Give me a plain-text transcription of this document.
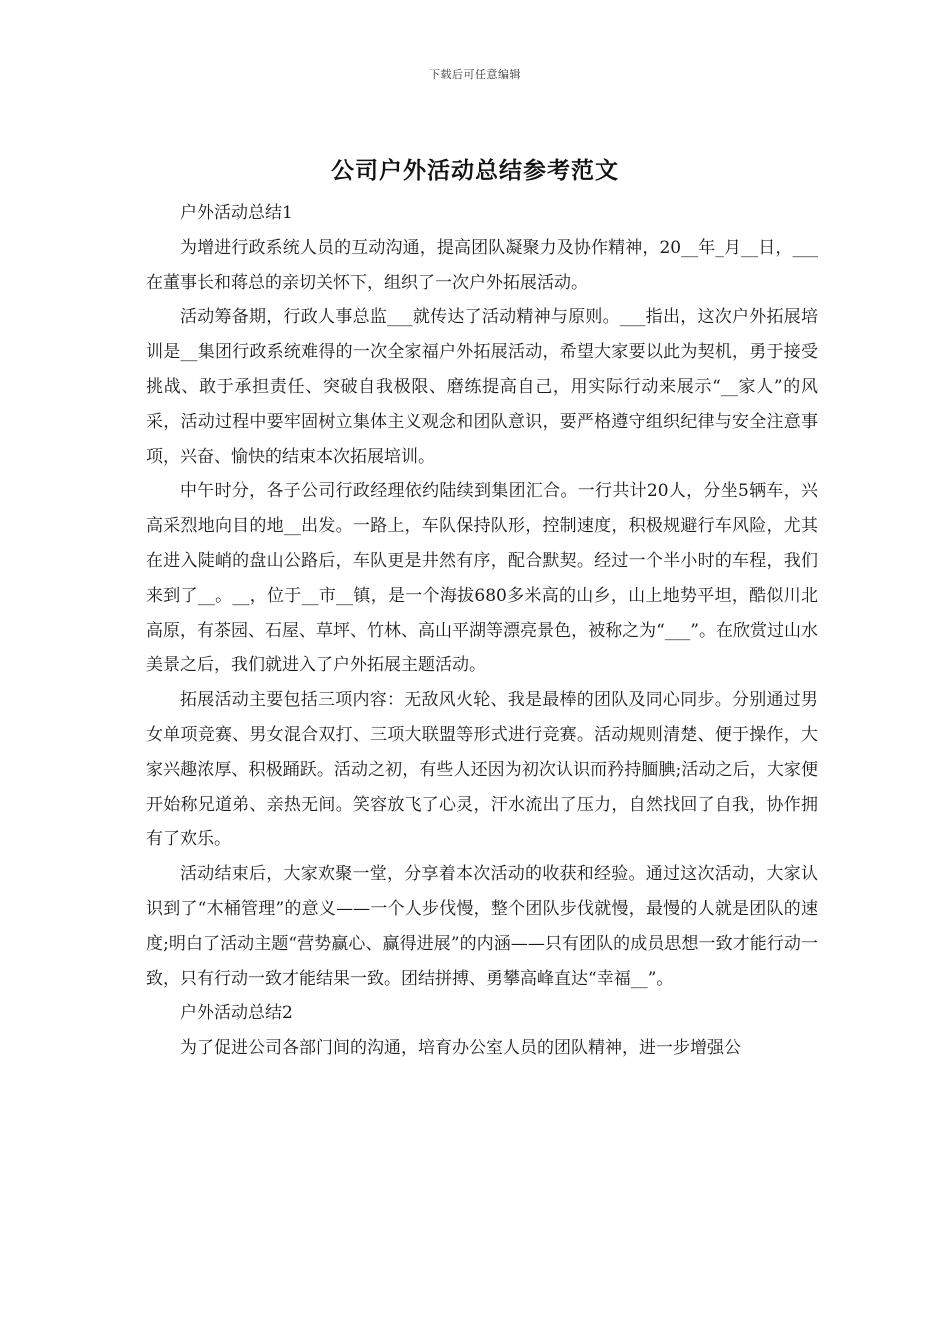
下载后可任意编辑
公司户外活动总结参考范文

户外活动总结1

为增进行政系统人员的互动沟通，提高团队凝聚力及协作精神，20__年_月__日，___在董事长和蒋总的亲切关怀下，组织了一次户外拓展活动。

活动筹备期，行政人事总监___就传达了活动精神与原则。___指出，这次户外拓展培训是__集团行政系统难得的一次全家福户外拓展活动，希望大家要以此为契机，勇于接受挑战、敢于承担责任、突破自我极限、磨练提高自己，用实际行动来展示“__家人”的风采，活动过程中要牢固树立集体主义观念和团队意识，要严格遵守组织纪律与安全注意事项，兴奋、愉快的结束本次拓展培训。

中午时分，各子公司行政经理依约陆续到集团汇合。一行共计20人，分坐5辆车，兴高采烈地向目的地__出发。一路上，车队保持队形，控制速度，积极规避行车风险，尤其在进入陡峭的盘山公路后，车队更是井然有序，配合默契。经过一个半小时的车程，我们来到了__。__，位于__市__镇，是一个海拔680多米高的山乡，山上地势平坦，酷似川北高原，有茶园、石屋、草坪、竹林、高山平湖等漂亮景色，被称之为“___”。在欣赏过山水美景之后，我们就进入了户外拓展主题活动。

拓展活动主要包括三项内容：无敌风火轮、我是最棒的团队及同心同步。分别通过男女单项竞赛、男女混合双打、三项大联盟等形式进行竞赛。活动规则清楚、便于操作，大家兴趣浓厚、积极踊跃。活动之初，有些人还因为初次认识而矜持腼腆;活动之后，大家便开始称兄道弟、亲热无间。笑容放飞了心灵，汗水流出了压力，自然找回了自我，协作拥有了欢乐。

活动结束后，大家欢聚一堂，分享着本次活动的收获和经验。通过这次活动，大家认识到了“木桶管理”的意义——一个人步伐慢，整个团队步伐就慢，最慢的人就是团队的速度;明白了活动主题“营势赢心、赢得进展”的内涵——只有团队的成员思想一致才能行动一致，只有行动一致才能结果一致。团结拼搏、勇攀高峰直达“幸福__”。

户外活动总结2

为了促进公司各部门间的沟通，培育办公室人员的团队精神，进一步增强公
